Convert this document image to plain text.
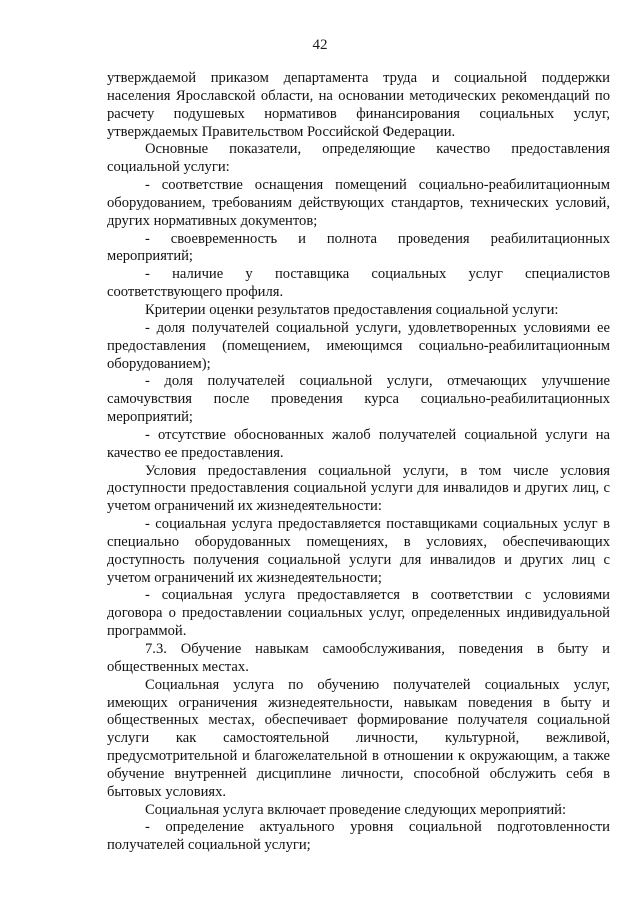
42

утверждаемой приказом департамента труда и социальной поддержки населения Ярославской области, на основании методических рекомендаций по расчету подушевых нормативов финансирования социальных услуг, утверждаемых Правительством Российской Федерации.

Основные показатели, определяющие качество предоставления социальной услуги:

- соответствие оснащения помещений социально-реабилитационным оборудованием, требованиям действующих стандартов, технических условий, других нормативных документов;

- своевременность и полнота проведения реабилитационных мероприятий;

- наличие у поставщика социальных услуг специалистов соответствующего профиля.

Критерии оценки результатов предоставления социальной услуги:

- доля получателей социальной услуги, удовлетворенных условиями ее предоставления (помещением, имеющимся социально-реабилитационным оборудованием);

- доля получателей социальной услуги, отмечающих улучшение самочувствия после проведения курса социально-реабилитационных мероприятий;

- отсутствие обоснованных жалоб получателей социальной услуги на качество ее предоставления.

Условия предоставления социальной услуги, в том числе условия доступности предоставления социальной услуги для инвалидов и других лиц, с учетом ограничений их жизнедеятельности:

- социальная услуга предоставляется поставщиками социальных услуг в специально оборудованных помещениях, в условиях, обеспечивающих доступность получения социальной услуги для инвалидов и других лиц с учетом ограничений их жизнедеятельности;

- социальная услуга предоставляется в соответствии с условиями договора о предоставлении социальных услуг, определенных индивидуальной программой.

7.3. Обучение навыкам самообслуживания, поведения в быту и общественных местах.

Социальная услуга по обучению получателей социальных услуг, имеющих ограничения жизнедеятельности, навыкам поведения в быту и общественных местах, обеспечивает формирование получателя социальной услуги как самостоятельной личности, культурной, вежливой, предусмотрительной и благожелательной в отношении к окружающим, а также обучение внутренней дисциплине личности, способной обслужить себя в бытовых условиях.

Социальная услуга включает проведение следующих мероприятий:

- определение актуального уровня социальной подготовленности получателей социальной услуги;
